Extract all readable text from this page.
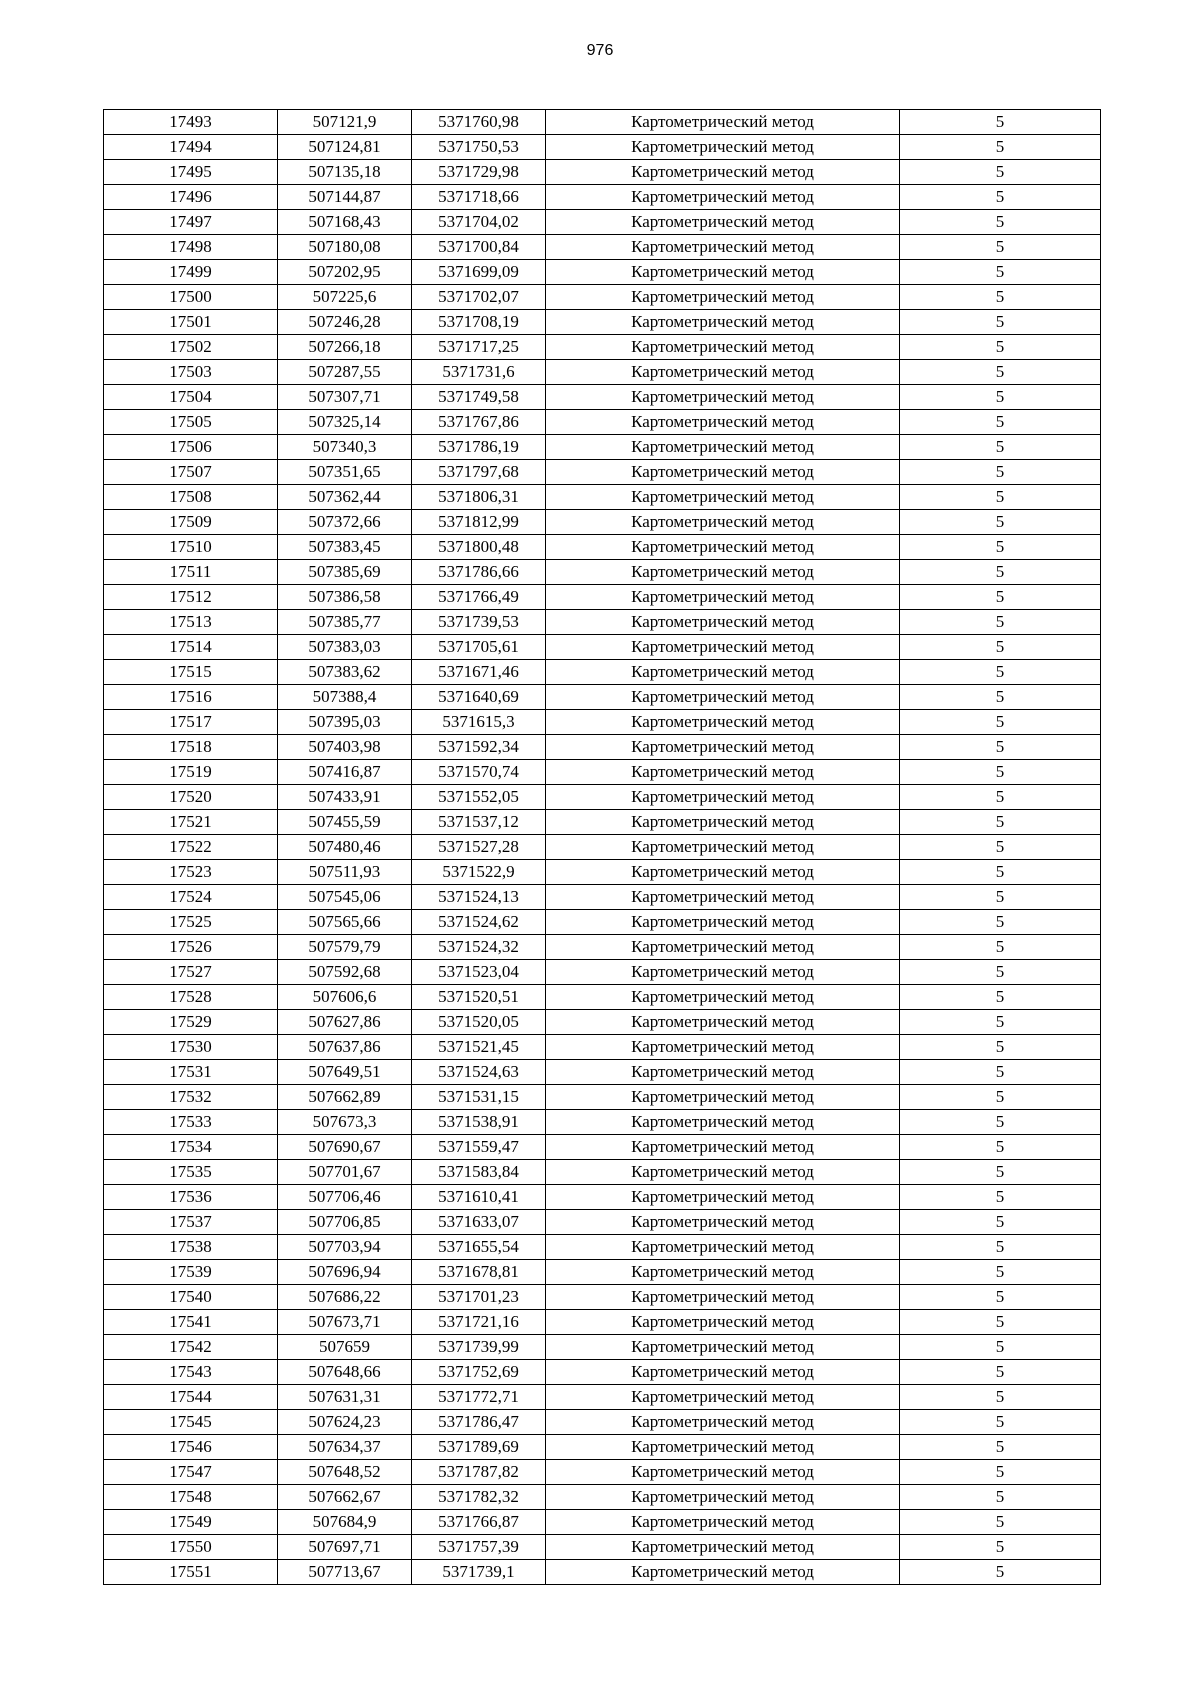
976
17493	507121,9	5371760,98	Картометрический метод	5
17494	507124,81	5371750,53	Картометрический метод	5
17495	507135,18	5371729,98	Картометрический метод	5
17496	507144,87	5371718,66	Картометрический метод	5
17497	507168,43	5371704,02	Картометрический метод	5
17498	507180,08	5371700,84	Картометрический метод	5
17499	507202,95	5371699,09	Картометрический метод	5
17500	507225,6	5371702,07	Картометрический метод	5
17501	507246,28	5371708,19	Картометрический метод	5
17502	507266,18	5371717,25	Картометрический метод	5
17503	507287,55	5371731,6	Картометрический метод	5
17504	507307,71	5371749,58	Картометрический метод	5
17505	507325,14	5371767,86	Картометрический метод	5
17506	507340,3	5371786,19	Картометрический метод	5
17507	507351,65	5371797,68	Картометрический метод	5
17508	507362,44	5371806,31	Картометрический метод	5
17509	507372,66	5371812,99	Картометрический метод	5
17510	507383,45	5371800,48	Картометрический метод	5
17511	507385,69	5371786,66	Картометрический метод	5
17512	507386,58	5371766,49	Картометрический метод	5
17513	507385,77	5371739,53	Картометрический метод	5
17514	507383,03	5371705,61	Картометрический метод	5
17515	507383,62	5371671,46	Картометрический метод	5
17516	507388,4	5371640,69	Картометрический метод	5
17517	507395,03	5371615,3	Картометрический метод	5
17518	507403,98	5371592,34	Картометрический метод	5
17519	507416,87	5371570,74	Картометрический метод	5
17520	507433,91	5371552,05	Картометрический метод	5
17521	507455,59	5371537,12	Картометрический метод	5
17522	507480,46	5371527,28	Картометрический метод	5
17523	507511,93	5371522,9	Картометрический метод	5
17524	507545,06	5371524,13	Картометрический метод	5
17525	507565,66	5371524,62	Картометрический метод	5
17526	507579,79	5371524,32	Картометрический метод	5
17527	507592,68	5371523,04	Картометрический метод	5
17528	507606,6	5371520,51	Картометрический метод	5
17529	507627,86	5371520,05	Картометрический метод	5
17530	507637,86	5371521,45	Картометрический метод	5
17531	507649,51	5371524,63	Картометрический метод	5
17532	507662,89	5371531,15	Картометрический метод	5
17533	507673,3	5371538,91	Картометрический метод	5
17534	507690,67	5371559,47	Картометрический метод	5
17535	507701,67	5371583,84	Картометрический метод	5
17536	507706,46	5371610,41	Картометрический метод	5
17537	507706,85	5371633,07	Картометрический метод	5
17538	507703,94	5371655,54	Картометрический метод	5
17539	507696,94	5371678,81	Картометрический метод	5
17540	507686,22	5371701,23	Картометрический метод	5
17541	507673,71	5371721,16	Картометрический метод	5
17542	507659	5371739,99	Картометрический метод	5
17543	507648,66	5371752,69	Картометрический метод	5
17544	507631,31	5371772,71	Картометрический метод	5
17545	507624,23	5371786,47	Картометрический метод	5
17546	507634,37	5371789,69	Картометрический метод	5
17547	507648,52	5371787,82	Картометрический метод	5
17548	507662,67	5371782,32	Картометрический метод	5
17549	507684,9	5371766,87	Картометрический метод	5
17550	507697,71	5371757,39	Картометрический метод	5
17551	507713,67	5371739,1	Картометрический метод	5
